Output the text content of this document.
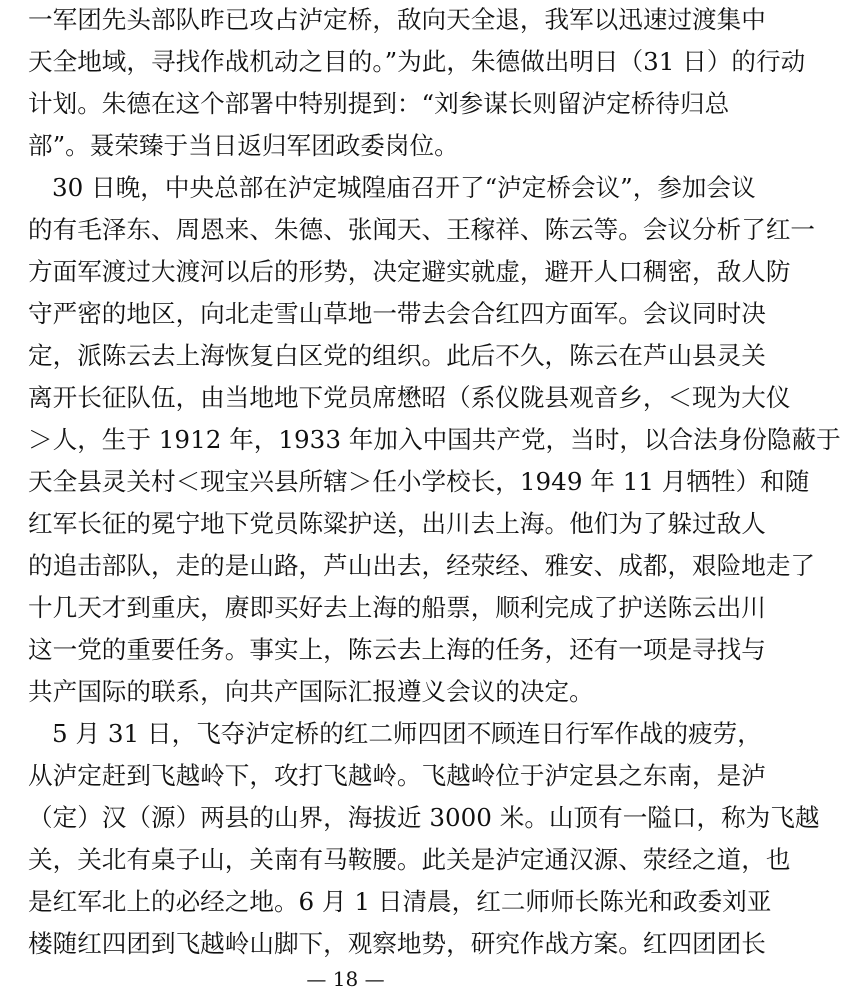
一军团先头部队昨已攻占泸定桥，敌向天全退，我军以迅速过渡集中
天全地域，寻找作战机动之目的。”为此，朱德做出明日（31 日）的行动
计划。朱德在这个部署中特别提到：“刘参谋长则留泸定桥待归总
部”。聂荣臻于当日返归军团政委岗位。
30 日晚，中央总部在泸定城隍庙召开了“泸定桥会议”，参加会议
的有毛泽东、周恩来、朱德、张闻天、王稼祥、陈云等。会议分析了红一
方面军渡过大渡河以后的形势，决定避实就虚，避开人口稠密，敌人防
守严密的地区，向北走雪山草地一带去会合红四方面军。会议同时决
定，派陈云去上海恢复白区党的组织。此后不久，陈云在芦山县灵关
离开长征队伍，由当地地下党员席懋昭（系仪陇县观音乡，＜现为大仪
＞人，生于 1912 年，1933 年加入中国共产党，当时，以合法身份隐蔽于
天全县灵关村＜现宝兴县所辖＞任小学校长，1949 年 11 月牺牲）和随
红军长征的冕宁地下党员陈粱护送，出川去上海。他们为了躲过敌人
的追击部队，走的是山路，芦山出去，经荥经、雅安、成都，艰险地走了
十几天才到重庆，赓即买好去上海的船票，顺利完成了护送陈云出川
这一党的重要任务。事实上，陈云去上海的任务，还有一项是寻找与
共产国际的联系，向共产国际汇报遵义会议的决定。
5 月 31 日，飞夺泸定桥的红二师四团不顾连日行军作战的疲劳，
从泸定赶到飞越岭下，攻打飞越岭。飞越岭位于泸定县之东南，是泸
（定）汉（源）两县的山界，海拔近 3000 米。山顶有一隘口，称为飞越
关，关北有桌子山，关南有马鞍腰。此关是泸定通汉源、荥经之道，也
是红军北上的必经之地。6 月 1 日清晨，红二师师长陈光和政委刘亚
楼随红四团到飞越岭山脚下，观察地势，研究作战方案。红四团团长
— 18 —
